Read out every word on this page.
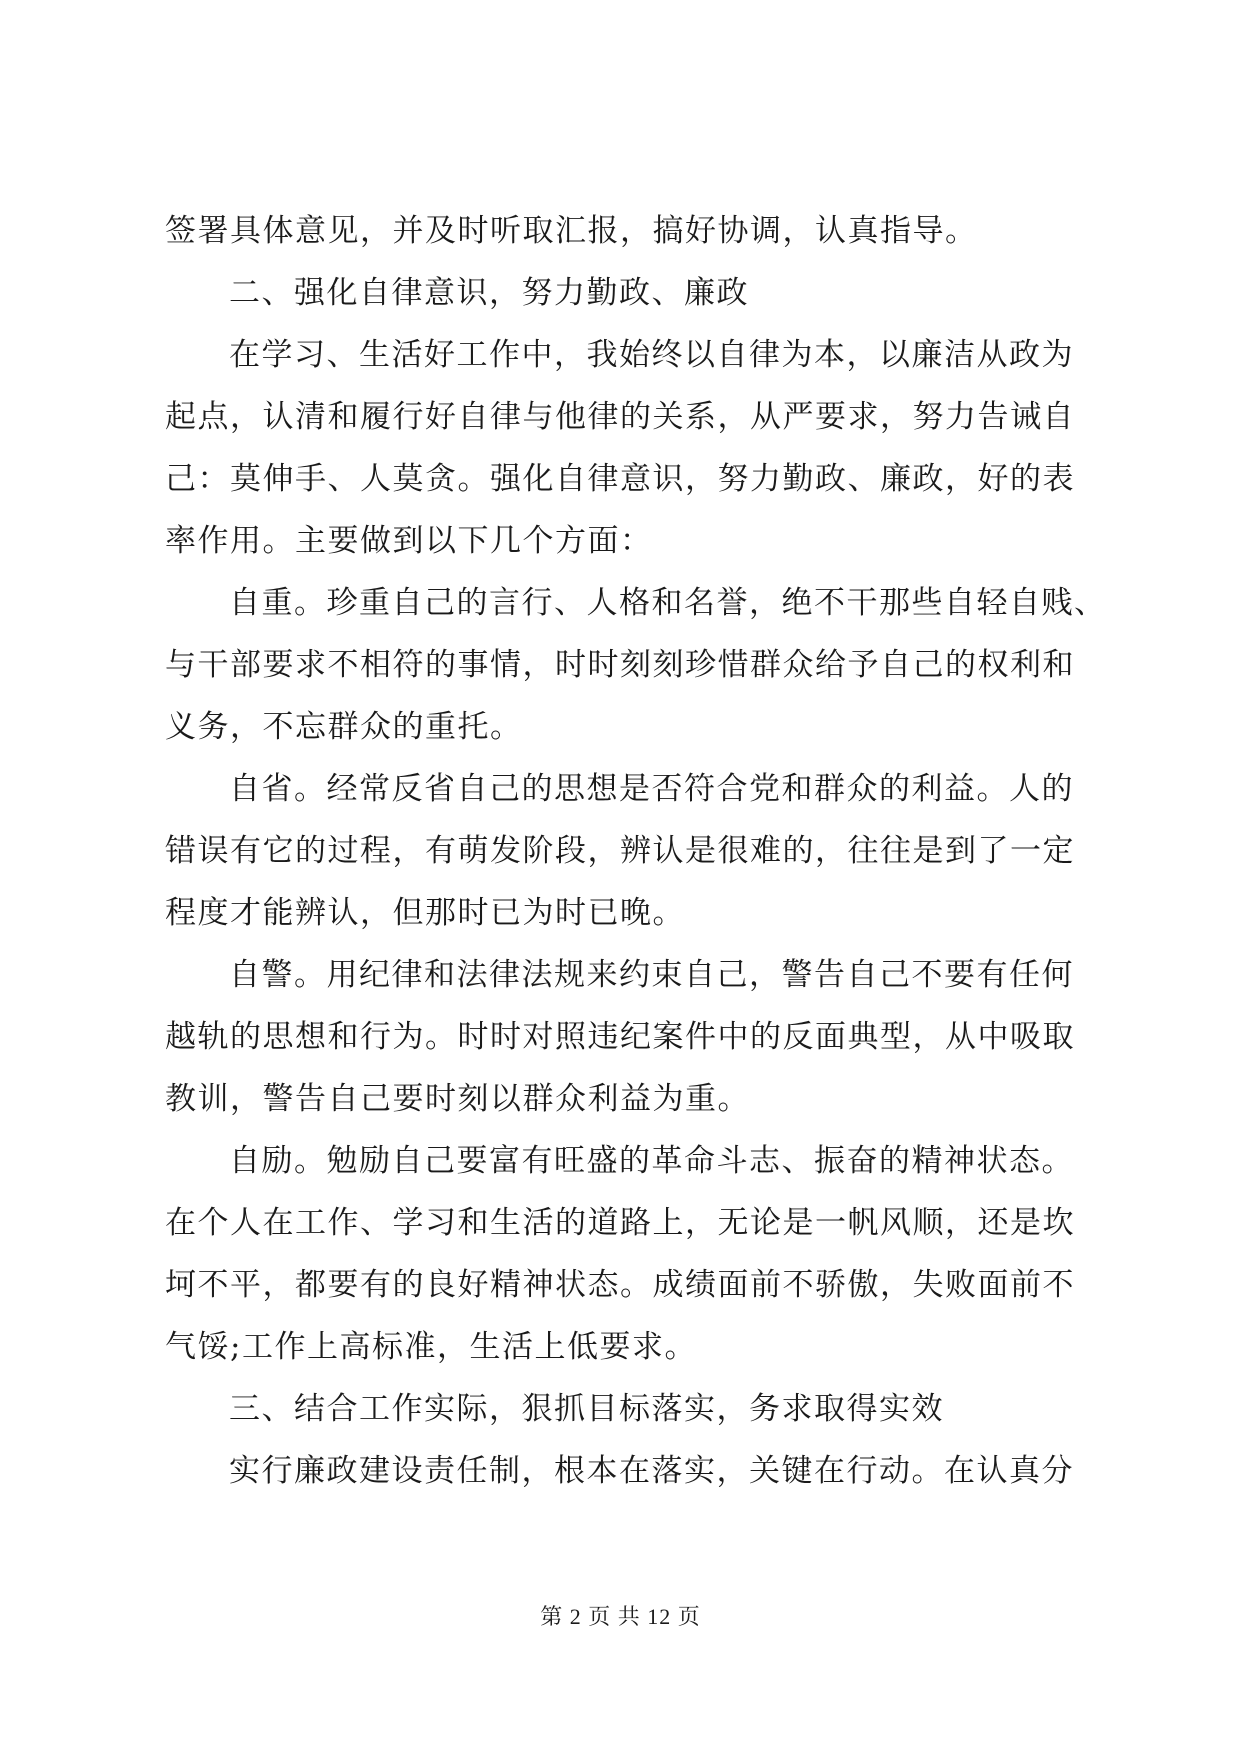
签署具体意见，并及时听取汇报，搞好协调，认真指导。
二、强化自律意识，努力勤政、廉政
在学习、生活好工作中，我始终以自律为本，以廉洁从政为
起点，认清和履行好自律与他律的关系，从严要求，努力告诫自
己：莫伸手、人莫贪。强化自律意识，努力勤政、廉政，好的表
率作用。主要做到以下几个方面：
自重。珍重自己的言行、人格和名誉，绝不干那些自轻自贱、
与干部要求不相符的事情，时时刻刻珍惜群众给予自己的权利和
义务，不忘群众的重托。
自省。经常反省自己的思想是否符合党和群众的利益。人的
错误有它的过程，有萌发阶段，辨认是很难的，往往是到了一定
程度才能辨认，但那时已为时已晚。
自警。用纪律和法律法规来约束自己，警告自己不要有任何
越轨的思想和行为。时时对照违纪案件中的反面典型，从中吸取
教训，警告自己要时刻以群众利益为重。
自励。勉励自己要富有旺盛的革命斗志、振奋的精神状态。
在个人在工作、学习和生活的道路上，无论是一帆风顺，还是坎
坷不平，都要有的良好精神状态。成绩面前不骄傲，失败面前不
气馁;工作上高标准，生活上低要求。
三、结合工作实际，狠抓目标落实，务求取得实效
实行廉政建设责任制，根本在落实，关键在行动。在认真分
第 2 页 共 12 页
